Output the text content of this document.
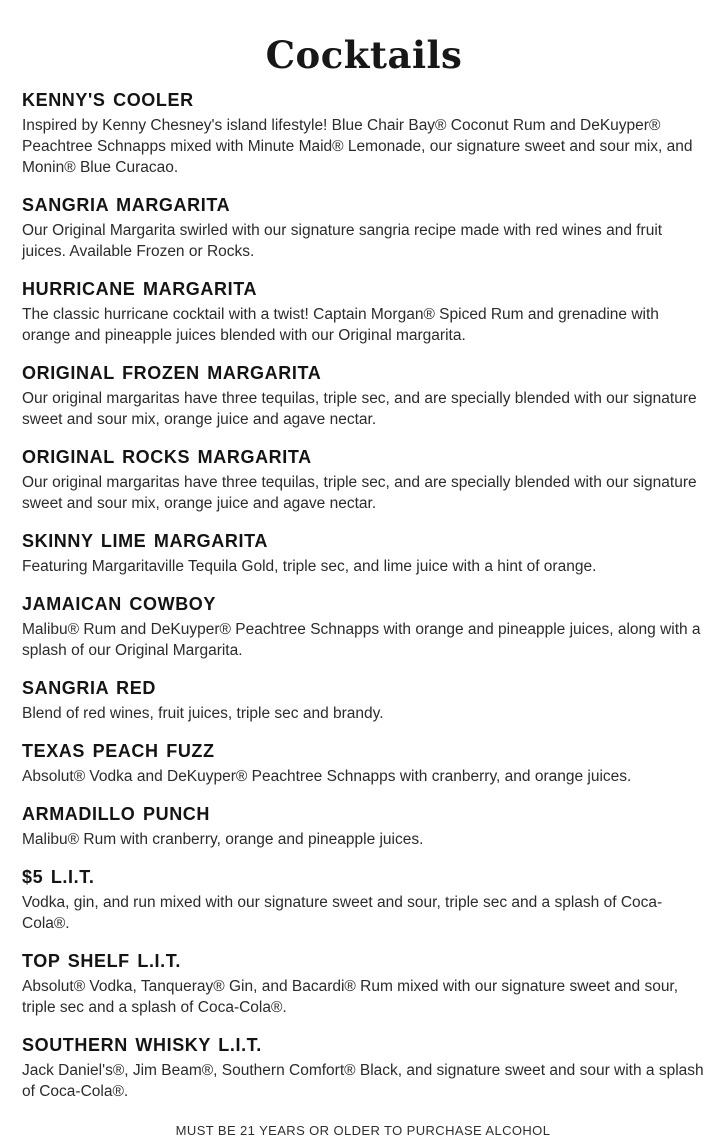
Cocktails
KENNY'S COOLER

Inspired by Kenny Chesney's island lifestyle! Blue Chair Bay® Coconut Rum and DeKuyper® Peachtree Schnapps mixed with Minute Maid® Lemonade, our signature sweet and sour mix, and Monin® Blue Curacao.

SANGRIA MARGARITA

Our Original Margarita swirled with our signature sangria recipe made with red wines and fruit juices. Available Frozen or Rocks.

HURRICANE MARGARITA

The classic hurricane cocktail with a twist! Captain Morgan® Spiced Rum and grenadine with orange and pineapple juices blended with our Original margarita.

ORIGINAL FROZEN MARGARITA

Our original margaritas have three tequilas, triple sec, and are specially blended with our signature sweet and sour mix, orange juice and agave nectar.

ORIGINAL ROCKS MARGARITA

Our original margaritas have three tequilas, triple sec, and are specially blended with our signature sweet and sour mix, orange juice and agave nectar.

SKINNY LIME MARGARITA

Featuring Margaritaville Tequila Gold, triple sec, and lime juice with a hint of orange.

JAMAICAN COWBOY

Malibu® Rum and DeKuyper® Peachtree Schnapps with orange and pineapple juices, along with a splash of our Original Margarita.

SANGRIA RED

Blend of red wines, fruit juices, triple sec and brandy.

TEXAS PEACH FUZZ

Absolut® Vodka and DeKuyper® Peachtree Schnapps with cranberry, and orange juices.

ARMADILLO PUNCH

Malibu® Rum with cranberry, orange and pineapple juices.

$5 L.I.T.

Vodka, gin, and run mixed with our signature sweet and sour, triple sec and a splash of Coca-Cola®.

TOP SHELF L.I.T.

Absolut® Vodka, Tanqueray® Gin, and Bacardi® Rum mixed with our signature sweet and sour, triple sec and a splash of Coca-Cola®.

SOUTHERN WHISKY L.I.T.

Jack Daniel's®, Jim Beam®, Southern Comfort® Black, and signature sweet and sour with a splash of Coca-Cola®.

MUST BE 21 YEARS OR OLDER TO PURCHASE ALCOHOL
